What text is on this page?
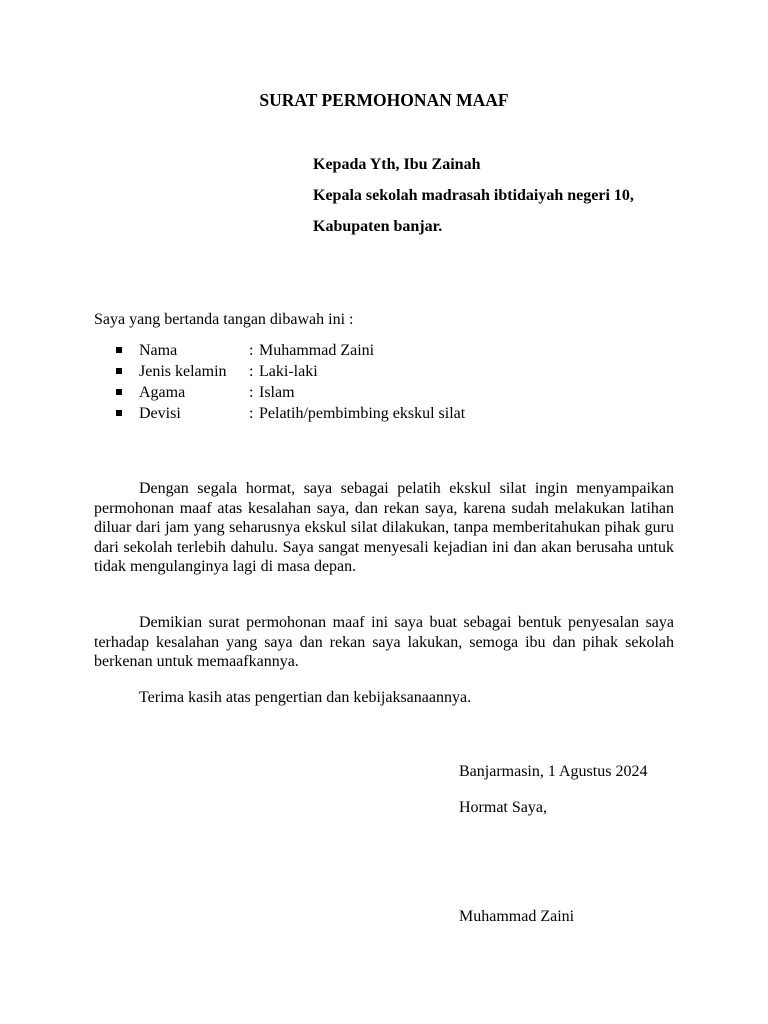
SURAT PERMOHONAN MAAF
Kepada Yth, Ibu Zainah
Kepala sekolah madrasah ibtidaiyah negeri 10,
Kabupaten banjar.
Saya yang bertanda tangan dibawah ini :
Nama	: Muhammad Zaini
Jenis kelamin : Laki-laki
Agama	: Islam
Devisi	: Pelatih/pembimbing ekskul silat

Dengan segala hormat, saya sebagai pelatih ekskul silat ingin menyampaikan permohonan maaf atas kesalahan saya, dan rekan saya, karena sudah melakukan latihan diluar dari jam yang seharusnya ekskul silat dilakukan, tanpa memberitahukan pihak guru dari sekolah terlebih dahulu. Saya sangat menyesali kejadian ini dan akan berusaha untuk tidak mengulanginya lagi di masa depan.

Demikian surat permohonan maaf ini saya buat sebagai bentuk penyesalan saya terhadap kesalahan yang saya dan rekan saya lakukan, semoga ibu dan pihak sekolah berkenan untuk memaafkannya.

Terima kasih atas pengertian dan kebijaksanaannya.

Banjarmasin, 1 Agustus 2024
Hormat Saya,
Muhammad Zaini
